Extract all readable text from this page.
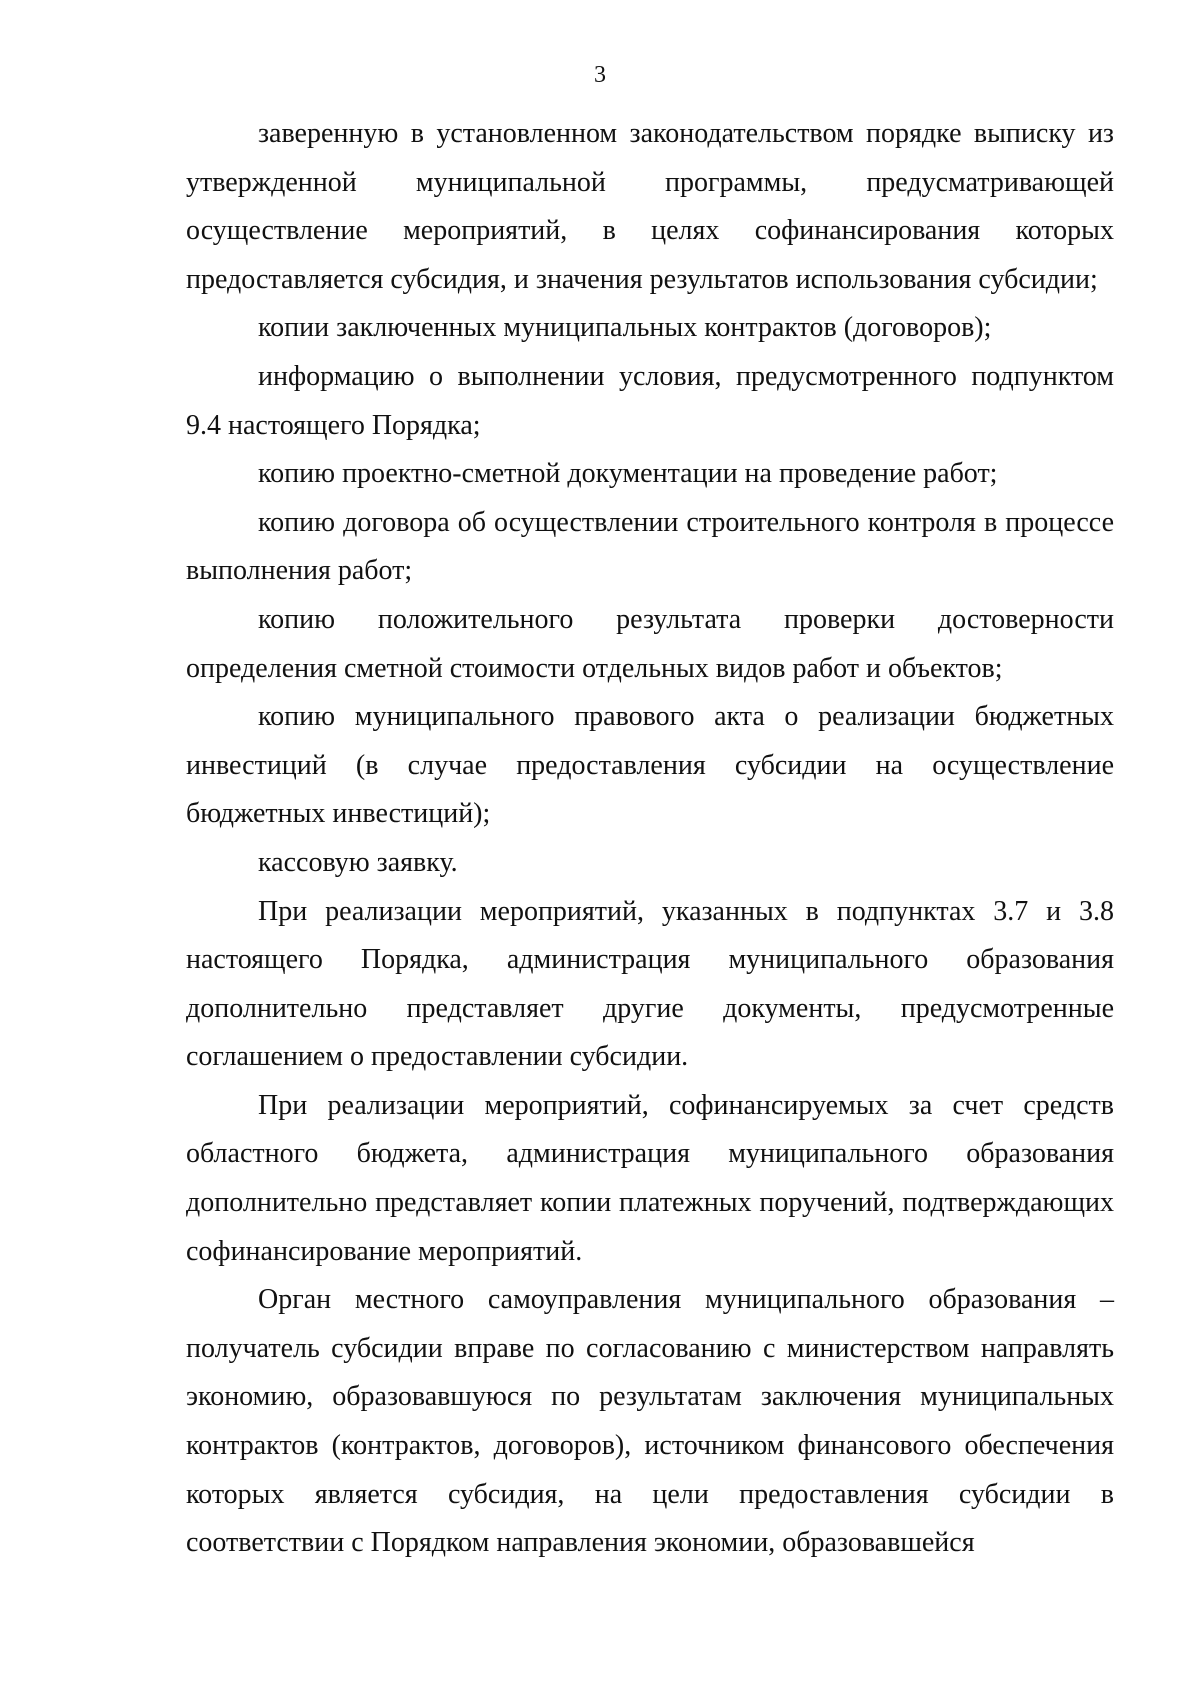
3

заверенную в установленном законодательством порядке выписку из утвержденной муниципальной программы, предусматривающей осуществление мероприятий, в целях софинансирования которых предоставляется субсидия, и значения результатов использования субсидии;

копии заключенных муниципальных контрактов (договоров);

информацию о выполнении условия, предусмотренного подпунктом 9.4 настоящего Порядка;

копию проектно-сметной документации на проведение работ;

копию договора об осуществлении строительного контроля в процессе выполнения работ;

копию положительного результата проверки достоверности определения сметной стоимости отдельных видов работ и объектов;

копию муниципального правового акта о реализации бюджетных инвестиций (в случае предоставления субсидии на осуществление бюджетных инвестиций);

кассовую заявку.

При реализации мероприятий, указанных в подпунктах 3.7 и 3.8 настоящего Порядка, администрация муниципального образования дополнительно представляет другие документы, предусмотренные соглашением о предоставлении субсидии.

При реализации мероприятий, софинансируемых за счет средств областного бюджета, администрация муниципального образования дополнительно представляет копии платежных поручений, подтверждающих софинансирование мероприятий.

Орган местного самоуправления муниципального образования – получатель субсидии вправе по согласованию с министерством направлять экономию, образовавшуюся по результатам заключения муниципальных контрактов (контрактов, договоров), источником финансового обеспечения которых является субсидия, на цели предоставления субсидии в соответствии с Порядком направления экономии, образовавшейся
